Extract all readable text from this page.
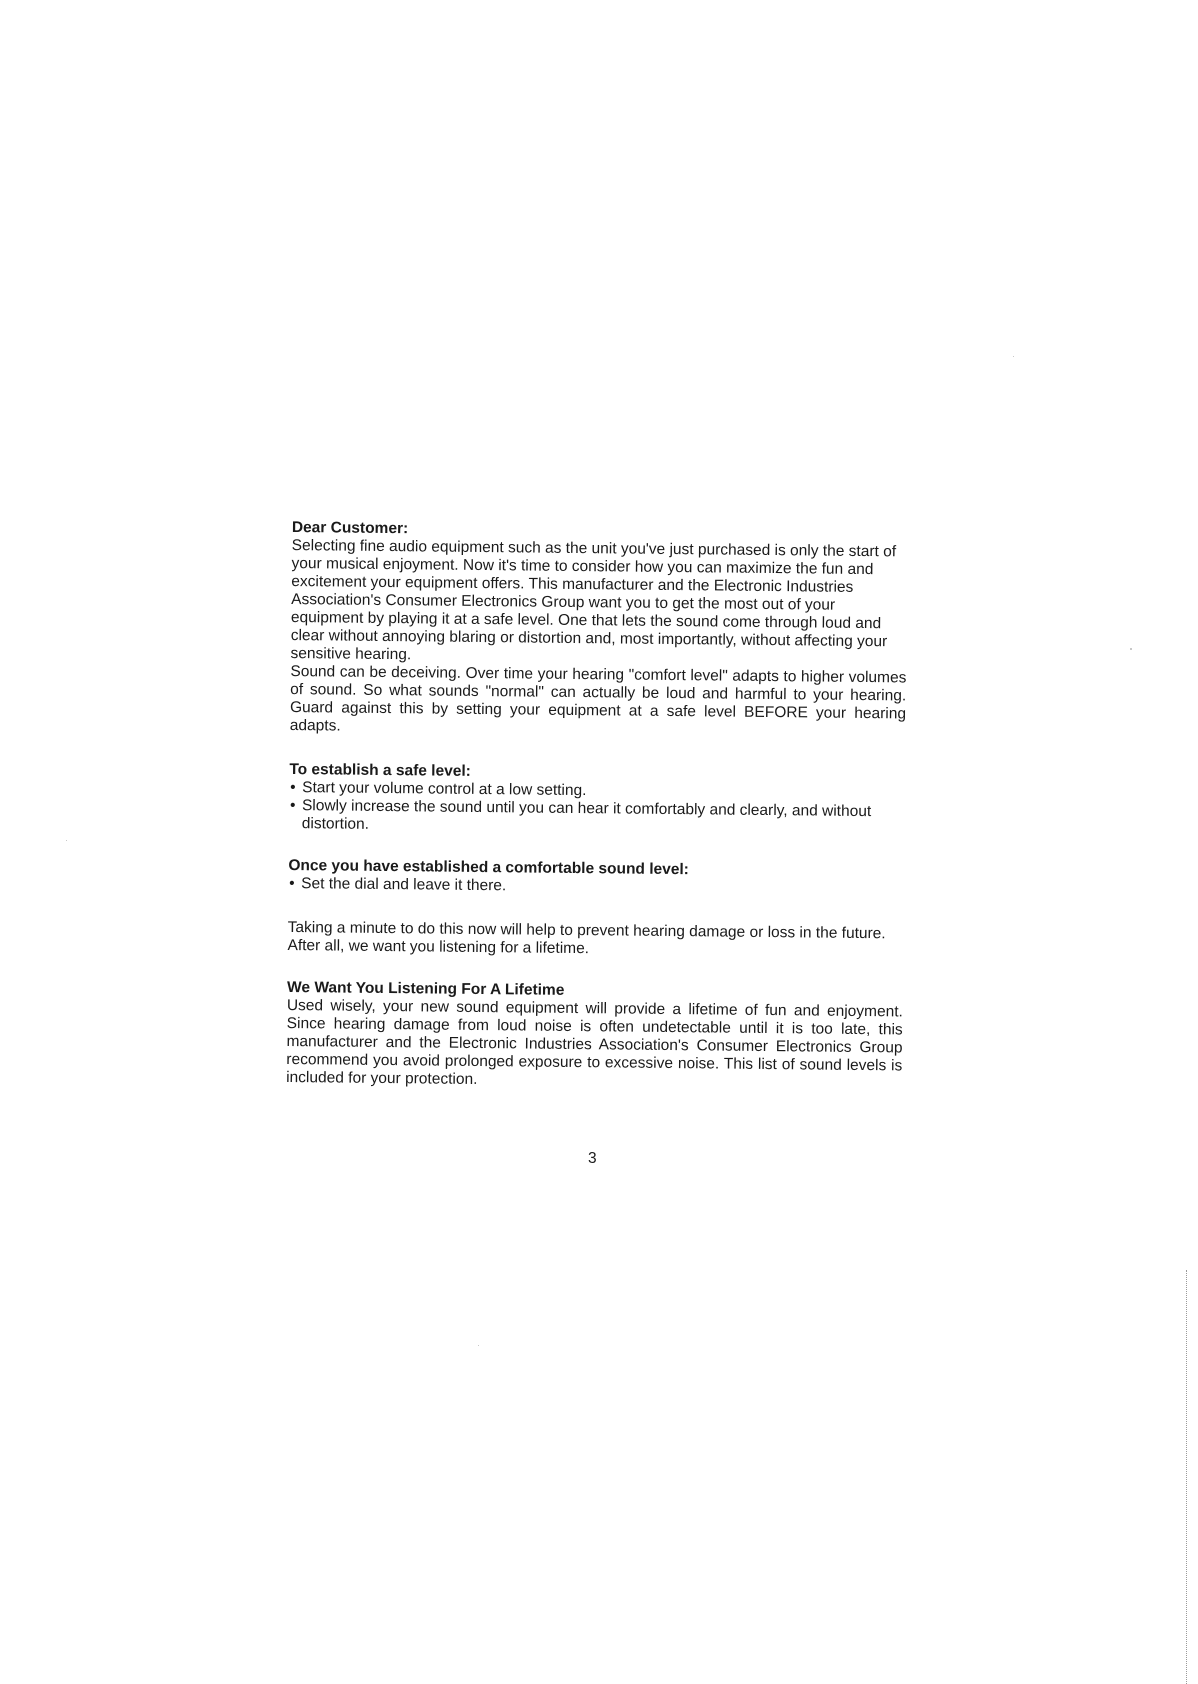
Dear Customer:

Selecting fine audio equipment such as the unit you've just purchased is only the start of your musical enjoyment. Now it's time to consider how you can maximize the fun and excitement your equipment offers. This manufacturer and the Electronic Industries Association's Consumer Electronics Group want you to get the most out of your equipment by playing it at a safe level. One that lets the sound come through loud and clear without annoying blaring or distortion and, most importantly, without affecting your sensitive hearing.

Sound can be deceiving. Over time your hearing "comfort level" adapts to higher volumes of sound. So what sounds "normal" can actually be loud and harmful to your hearing. Guard against this by setting your equipment at a safe level BEFORE your hearing adapts.

To establish a safe level:

• Start your volume control at a low setting.
• Slowly increase the sound until you can hear it comfortably and clearly, and without distortion.

Once you have established a comfortable sound level:

• Set the dial and leave it there.

Taking a minute to do this now will help to prevent hearing damage or loss in the future. After all, we want you listening for a lifetime.

We Want You Listening For A Lifetime

Used wisely, your new sound equipment will provide a lifetime of fun and enjoyment. Since hearing damage from loud noise is often undetectable until it is too late, this manufacturer and the Electronic Industries Association's Consumer Electronics Group recommend you avoid prolonged exposure to excessive noise. This list of sound levels is included for your protection.

3
